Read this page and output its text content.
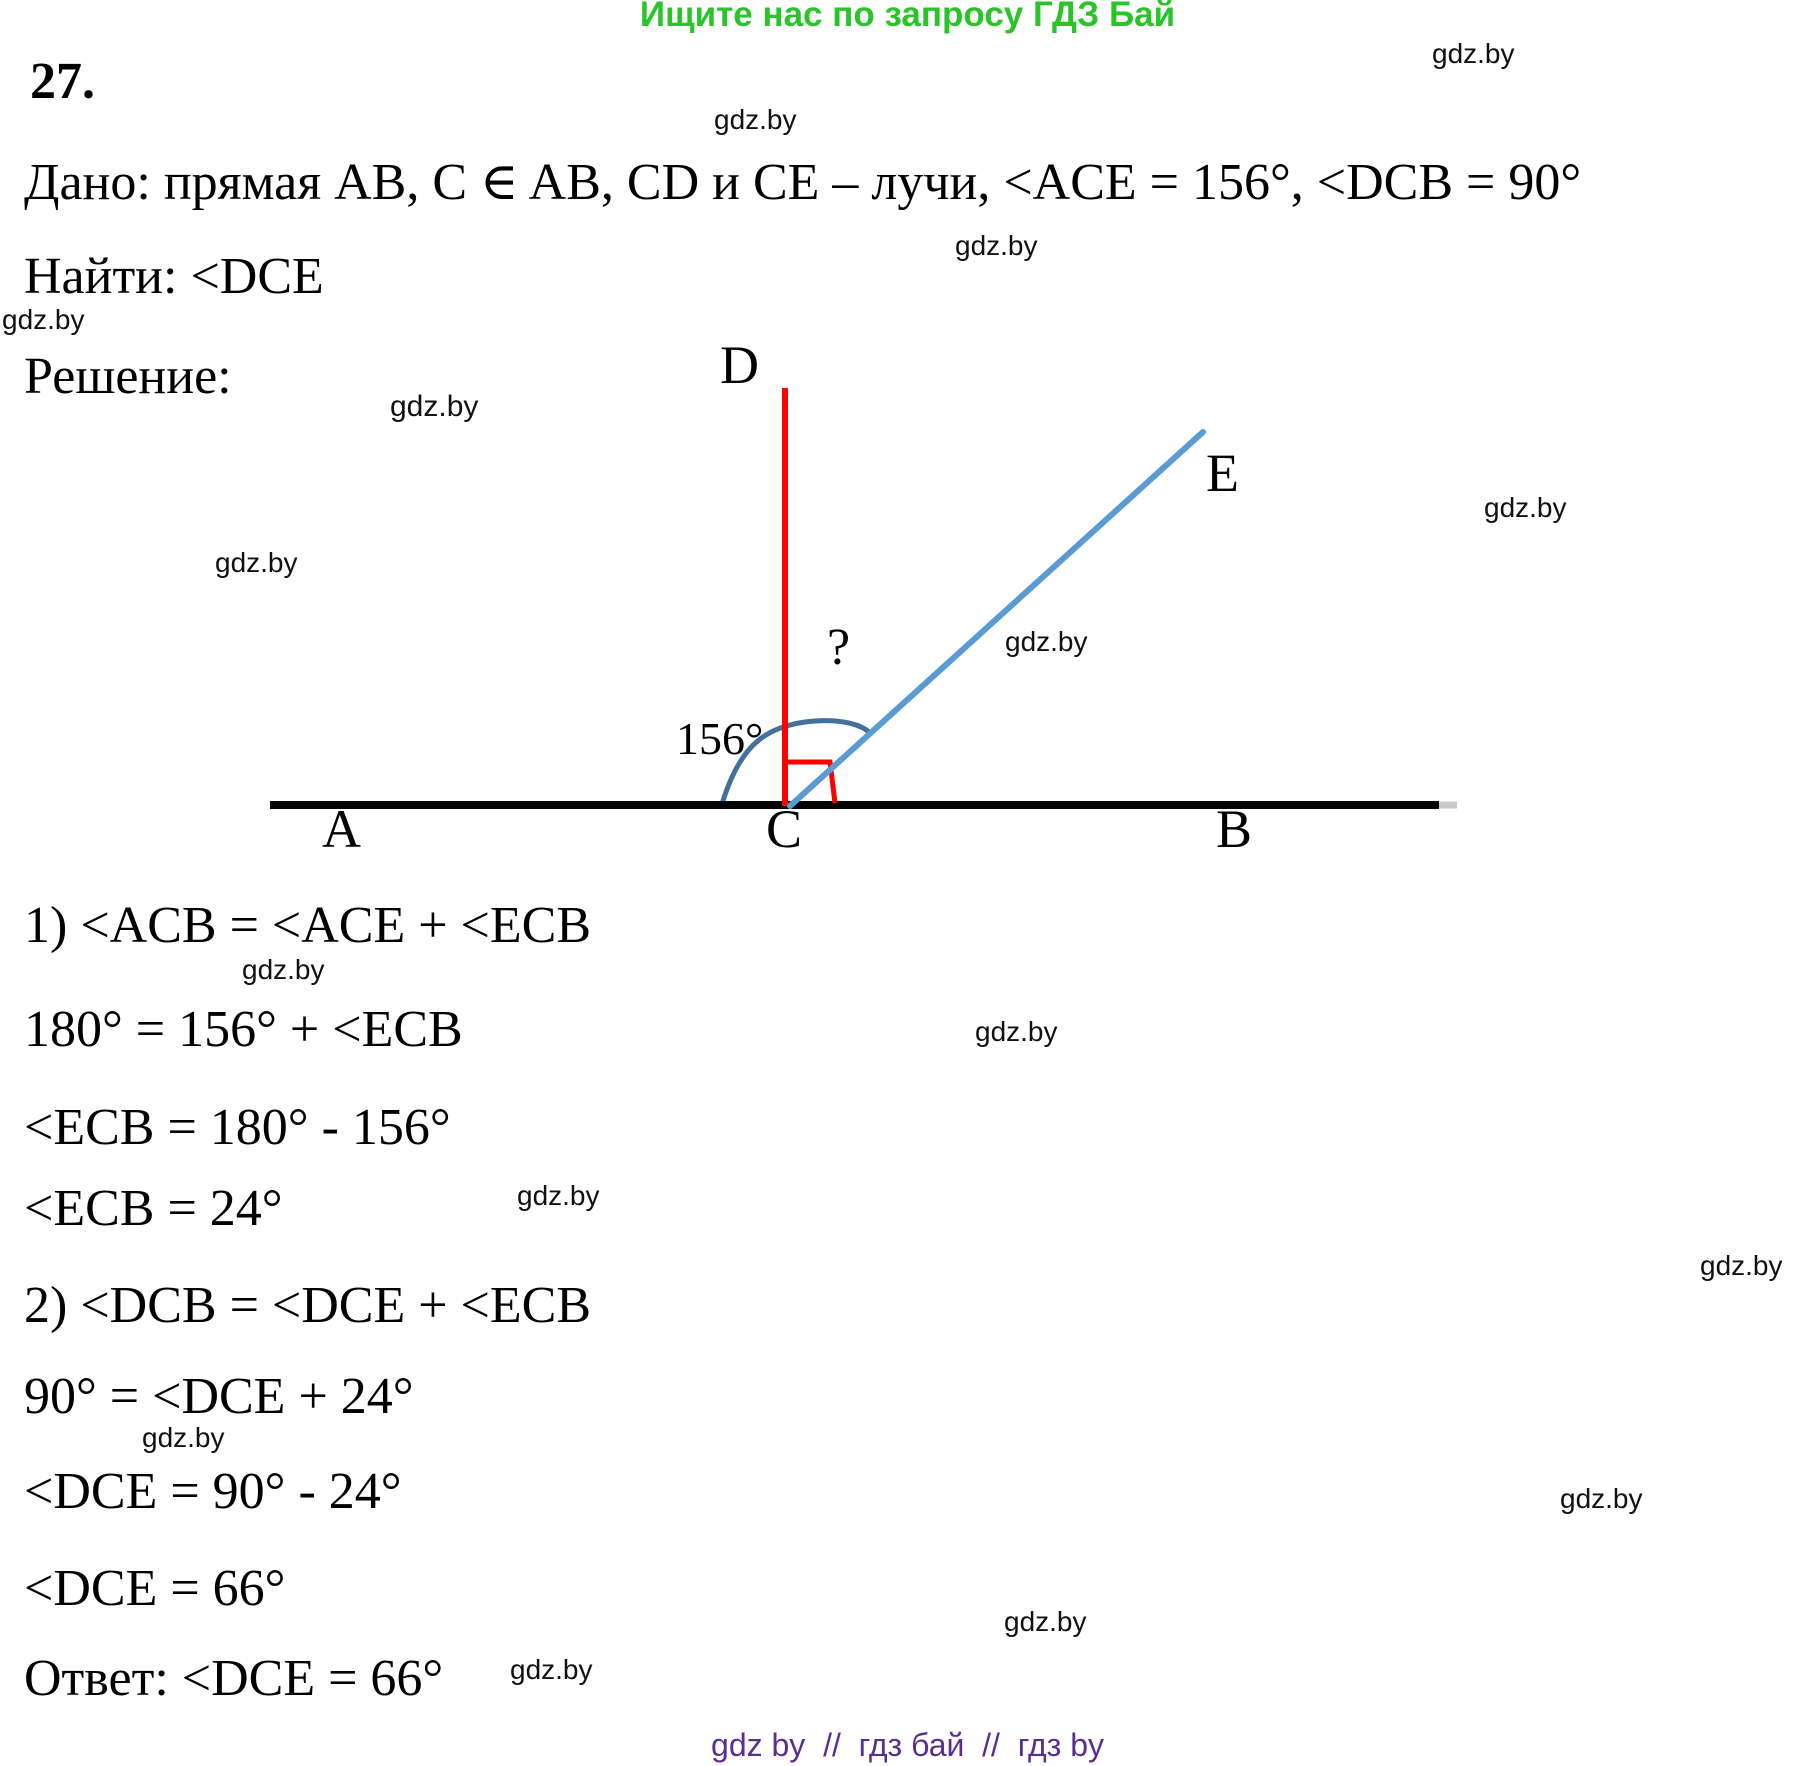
Ищите нас по запросу ГДЗ Бай
27.
Дано: прямая AB, C ∈ AB, CD и CE – лучи, <ACE = 156°, <DCB = 90°
Найти: <DCE
Решение:	D
E
А	С	В
156°
?
1) <ACB = <ACE + <ECB
180° = 156° + <ECB
<ECB = 180° - 156°
<ECB = 24°
2) <DCB = <DCE + <ECB
90° = <DCE + 24°
<DCE = 90° - 24°
<DCE = 66°
Ответ: <DCE = 66°
gdz.by
gdz.by
gdz.by
gdz.by
gdz.by
gdz.by
gdz.by
gdz.by
gdz.by
gdz.by
gdz.by
gdz.by
gdz.by
gdz.by
gdz.by
gdz.by
gdz by  //  гдз бай  //  гдз by
